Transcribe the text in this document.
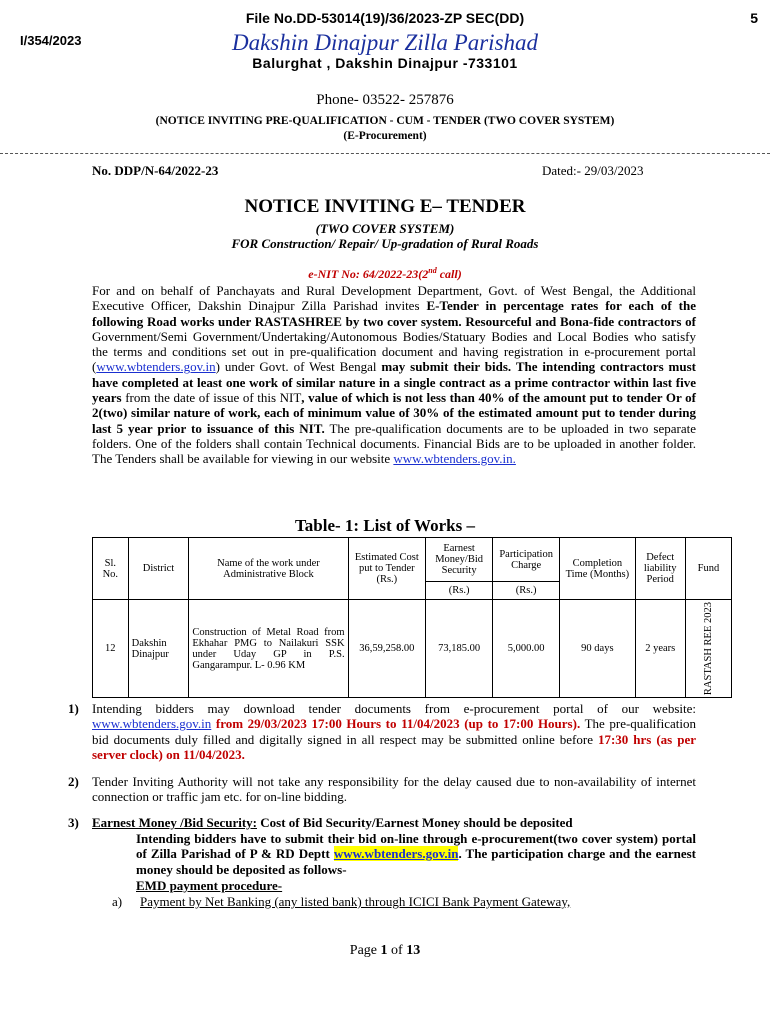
File No.DD-53014(19)/36/2023-ZP SEC(DD)	5
I/354/2023	Dakshin Dinajpur Zilla Parishad
Balurghat , Dakshin Dinajpur -733101
Phone- 03522- 257876
(NOTICE INVITING PRE-QUALIFICATION - CUM - TENDER (TWO COVER SYSTEM)
(E-Procurement)
No. DDP/N-64/2022-23	Dated:- 29/03/2023
NOTICE INVITING E– TENDER
(TWO COVER SYSTEM)
FOR Construction/ Repair/ Up-gradation of Rural Roads
e-NIT No: 64/2022-23(2nd call)
For and on behalf of Panchayats and Rural Development Department, Govt. of West Bengal, the Additional Executive Officer, Dakshin Dinajpur Zilla Parishad invites E-Tender in percentage rates for each of the following Road works under RASTASHREE by two cover system. Resourceful and Bona-fide contractors of Government/Semi Government/Undertaking/Autonomous Bodies/Statuary Bodies and Local Bodies who satisfy the terms and conditions set out in pre-qualification document and having registration in e-procurement portal (www.wbtenders.gov.in) under Govt. of West Bengal may submit their bids. The intending contractors must have completed at least one work of similar nature in a single contract as a prime contractor within last five years from the date of issue of this NIT, value of which is not less than 40% of the amount put to tender Or of 2(two) similar nature of work, each of minimum value of 30% of the estimated amount put to tender during last 5 year prior to issuance of this NIT. The pre-qualification documents are to be uploaded in two separate folders. One of the folders shall contain Technical documents. Financial Bids are to be uploaded in another folder. The Tenders shall be available for viewing in our website www.wbtenders.gov.in.
Table- 1: List of Works –
Sl. No.	District	Name of the work under Administrative Block	Estimated Cost put to Tender (Rs.)	Earnest Money/Bid Security	Participation Charge	Completion Time (Months)	Defect liability Period	Fund
				(Rs.)	(Rs.)			
12	Dakshin Dinajpur	Construction of Metal Road from Ekhahar PMG to Nailakuri SSK under Uday GP in P.S. Gangarampur. L- 0.96 KM	36,59,258.00	73,185.00	5,000.00	90 days	2 years	RASTASH REE 2023
1) Intending bidders may download tender documents from e-procurement portal of our website: www.wbtenders.gov.in from 29/03/2023 17:00 Hours to 11/04/2023 (up to 17:00 Hours). The pre-qualification bid documents duly filled and digitally signed in all respect may be submitted online before 17:30 hrs (as per server clock) on 11/04/2023.
2) Tender Inviting Authority will not take any responsibility for the delay caused due to non-availability of internet connection or traffic jam etc. for on-line bidding.
3) Earnest Money /Bid Security: Cost of Bid Security/Earnest Money should be deposited
Intending bidders have to submit their bid on-line through e-procurement(two cover system) portal of Zilla Parishad of P & RD Deptt www.wbtenders.gov.in. The participation charge and the earnest money should be deposited as follows-
EMD payment procedure-
a) Payment by Net Banking (any listed bank) through ICICI Bank Payment Gateway,
Page 1 of 13
